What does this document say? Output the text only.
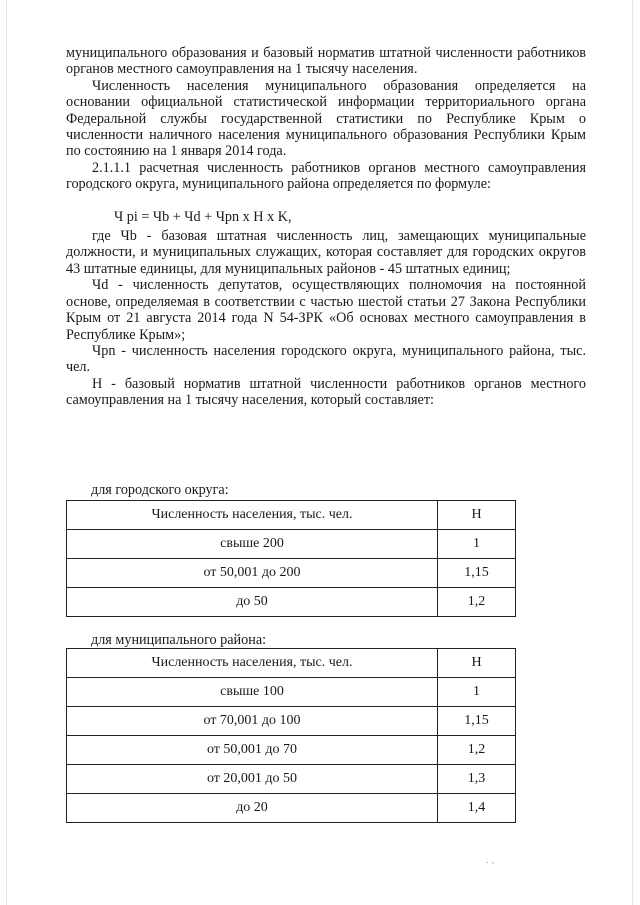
муниципального образования и базовый норматив штатной численности работников органов местного самоуправления на 1 тысячу населения.

Численность населения муниципального образования определяется на основании официальной статистической информации территориального органа Федеральной службы государственной статистики по Республике Крым о численности наличного населения муниципального образования Республики Крым по состоянию на 1 января 2014 года.

2.1.1.1 расчетная численность работников органов местного самоуправления городского округа, муниципального района определяется по формуле:

Ч рi = Чb + Чd + Чрn х Н х K,

где Чb - базовая штатная численность лиц, замещающих муниципальные должности, и муниципальных служащих, которая составляет для городских округов 43 штатные единицы, для муниципальных районов - 45 штатных единиц;

Чd - численность депутатов, осуществляющих полномочия на постоянной основе, определяемая в соответствии с частью шестой статьи 27 Закона Республики Крым от 21 августа 2014 года N 54-ЗРК «Об основах местного самоуправления в Республике Крым»;

Чрn - численность населения городского округа, муниципального района, тыс. чел.

Н - базовый норматив штатной численности работников органов местного самоуправления на 1 тысячу населения, который составляет:

для городского округа:
Численность населения, тыс. чел.	Н
свыше 200	1
от 50,001 до 200	1,15
до 50	1,2
для муниципального района:
Численность населения, тыс. чел.	Н
свыше 100	1
от 70,001 до 100	1,15
от 50,001 до 70	1,2
от 20,001 до 50	1,3
до 20	1,4
. ,
